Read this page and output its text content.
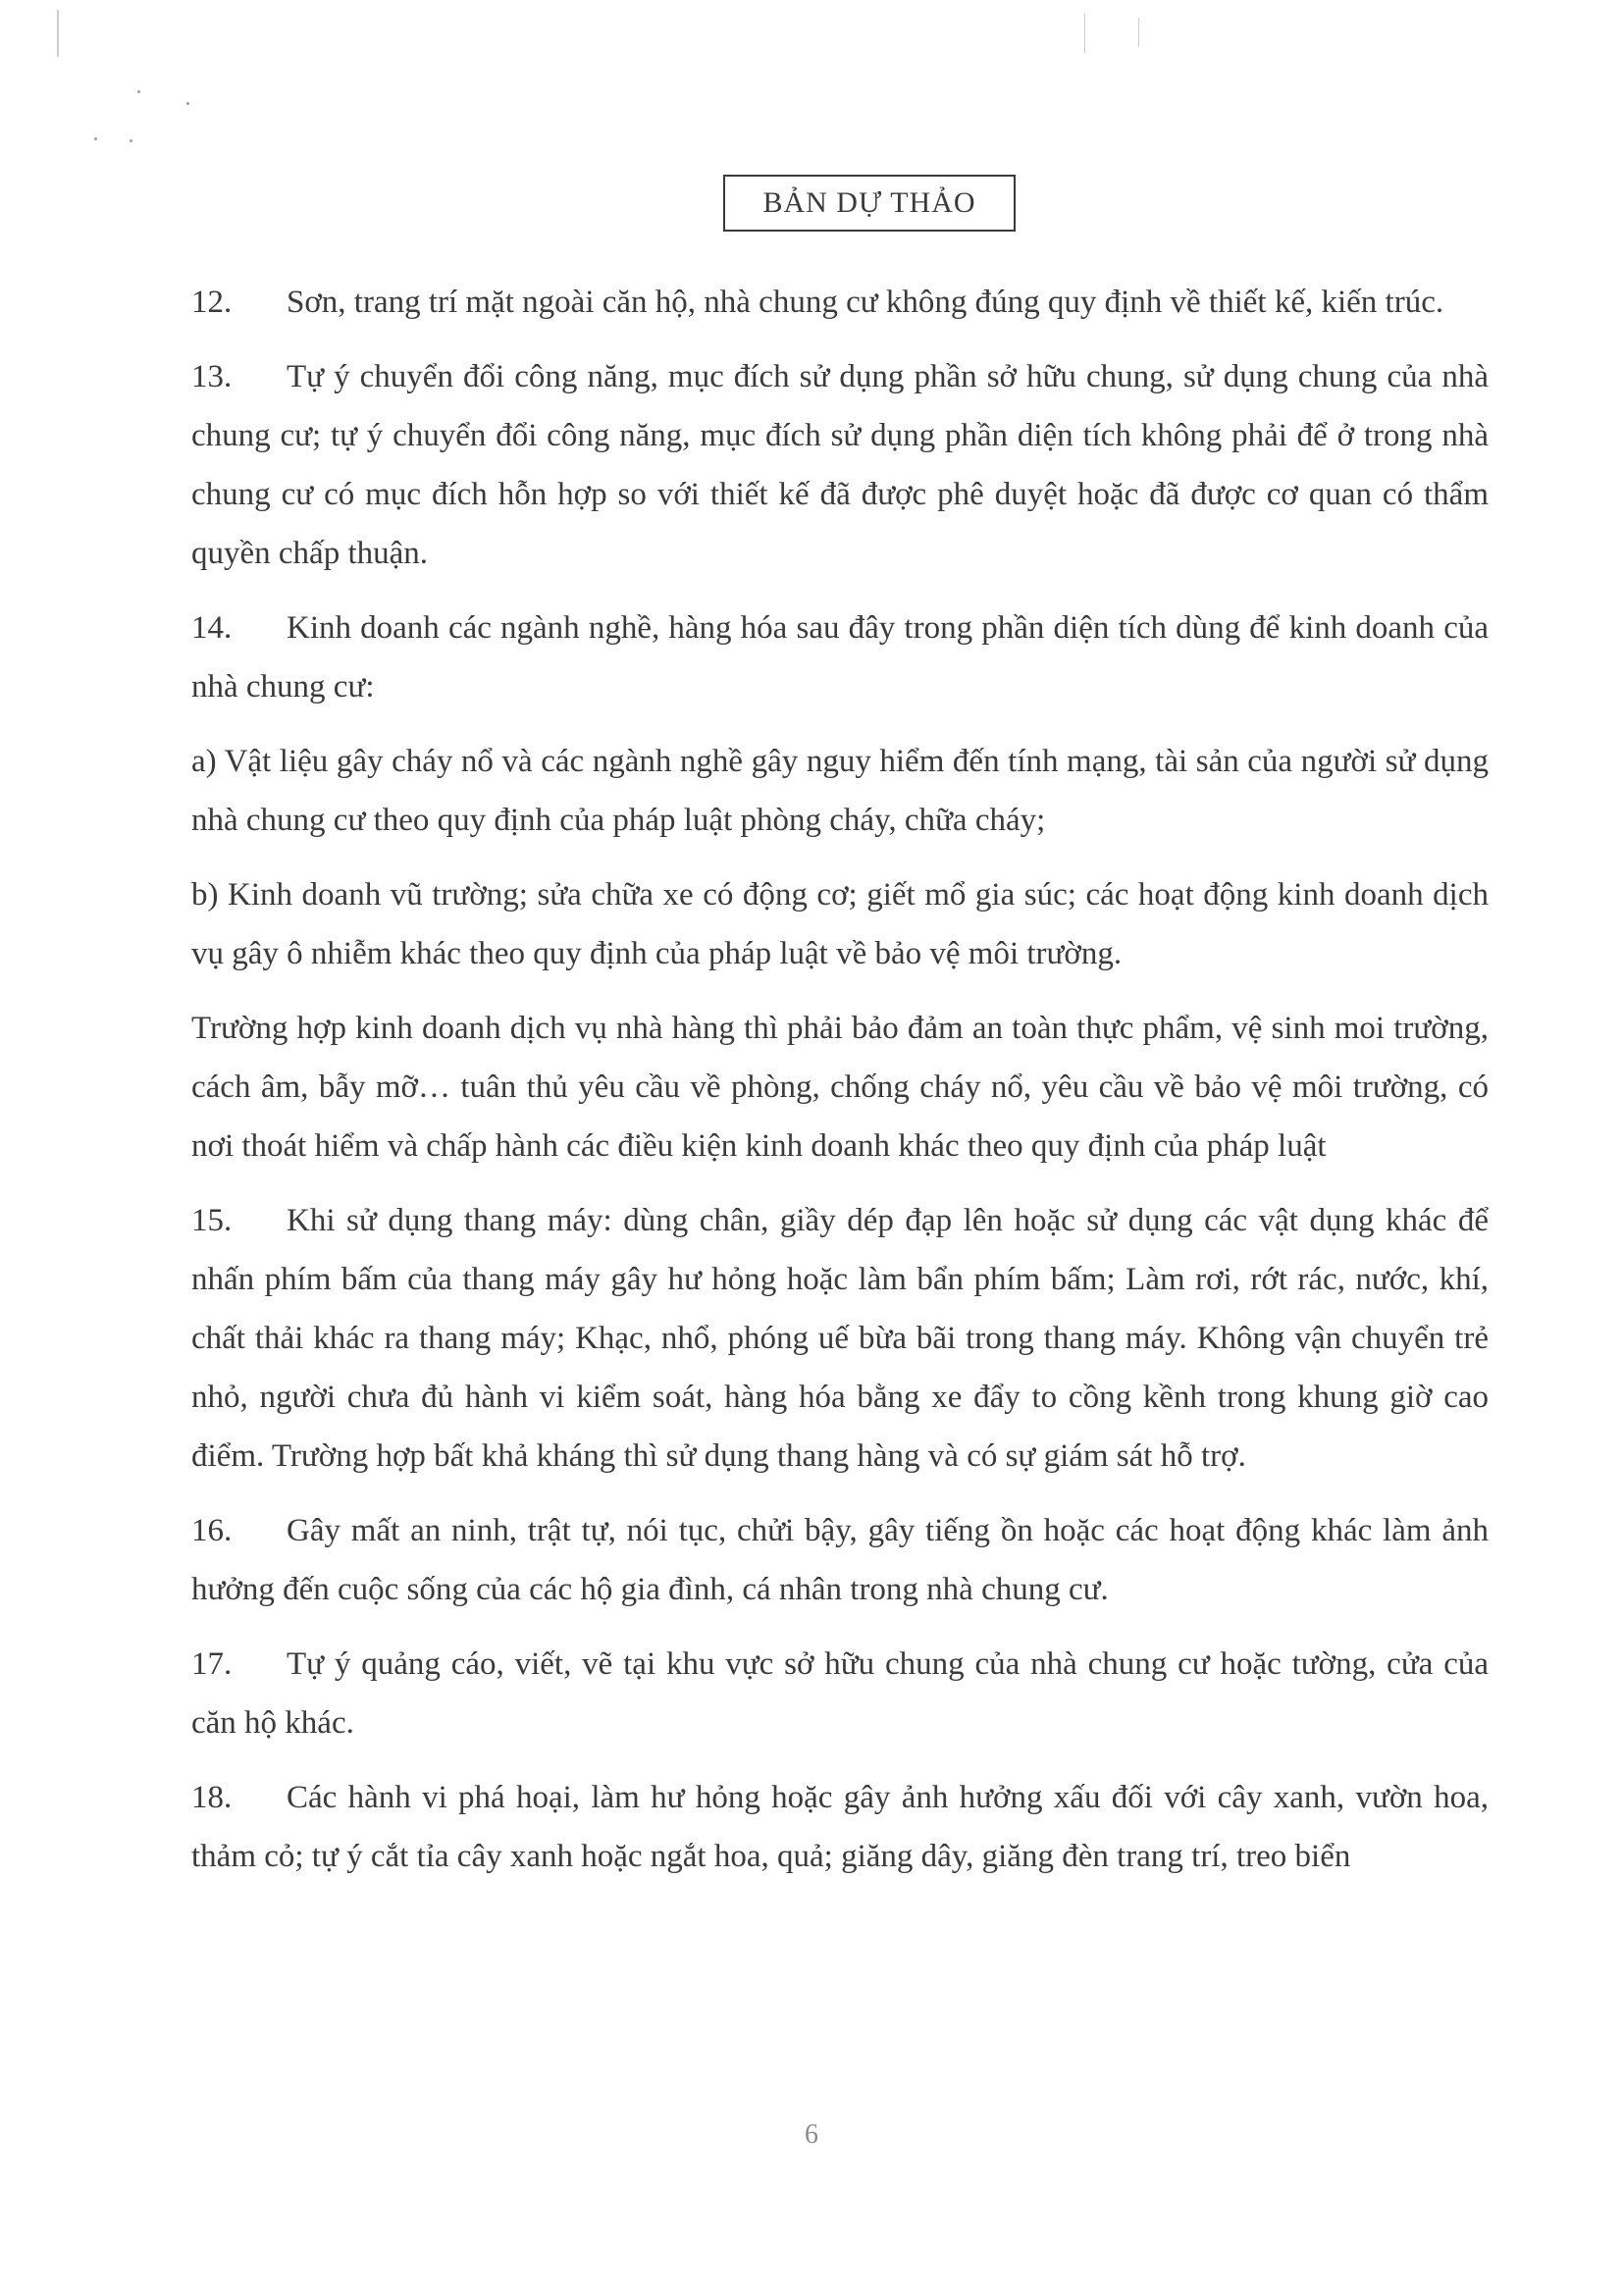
BẢN DỰ THẢO

12. Sơn, trang trí mặt ngoài căn hộ, nhà chung cư không đúng quy định về thiết kế, kiến trúc.

13. Tự ý chuyển đổi công năng, mục đích sử dụng phần sở hữu chung, sử dụng chung của nhà chung cư; tự ý chuyển đổi công năng, mục đích sử dụng phần diện tích không phải để ở trong nhà chung cư có mục đích hỗn hợp so với thiết kế đã được phê duyệt hoặc đã được cơ quan có thẩm quyền chấp thuận.

14. Kinh doanh các ngành nghề, hàng hóa sau đây trong phần diện tích dùng để kinh doanh của nhà chung cư:

a) Vật liệu gây cháy nổ và các ngành nghề gây nguy hiểm đến tính mạng, tài sản của người sử dụng nhà chung cư theo quy định của pháp luật phòng cháy, chữa cháy;

b) Kinh doanh vũ trường; sửa chữa xe có động cơ; giết mổ gia súc; các hoạt động kinh doanh dịch vụ gây ô nhiễm khác theo quy định của pháp luật về bảo vệ môi trường.

Trường hợp kinh doanh dịch vụ nhà hàng thì phải bảo đảm an toàn thực phẩm, vệ sinh moi trường, cách âm, bẫy mỡ… tuân thủ yêu cầu về phòng, chống cháy nổ, yêu cầu về bảo vệ môi trường, có nơi thoát hiểm và chấp hành các điều kiện kinh doanh khác theo quy định của pháp luật

15. Khi sử dụng thang máy: dùng chân, giầy dép đạp lên hoặc sử dụng các vật dụng khác để nhấn phím bấm của thang máy gây hư hỏng hoặc làm bẩn phím bấm; Làm rơi, rớt rác, nước, khí, chất thải khác ra thang máy; Khạc, nhổ, phóng uế bừa bãi trong thang máy. Không vận chuyển trẻ nhỏ, người chưa đủ hành vi kiểm soát, hàng hóa bằng xe đẩy to cồng kềnh trong khung giờ cao điểm. Trường hợp bất khả kháng thì sử dụng thang hàng và có sự giám sát hỗ trợ.

16. Gây mất an ninh, trật tự, nói tục, chửi bậy, gây tiếng ồn hoặc các hoạt động khác làm ảnh hưởng đến cuộc sống của các hộ gia đình, cá nhân trong nhà chung cư.

17. Tự ý quảng cáo, viết, vẽ tại khu vực sở hữu chung của nhà chung cư hoặc tường, cửa của căn hộ khác.

18. Các hành vi phá hoại, làm hư hỏng hoặc gây ảnh hưởng xấu đối với cây xanh, vườn hoa, thảm cỏ; tự ý cắt tỉa cây xanh hoặc ngắt hoa, quả; giăng dây, giăng đèn trang trí, treo biển

6
